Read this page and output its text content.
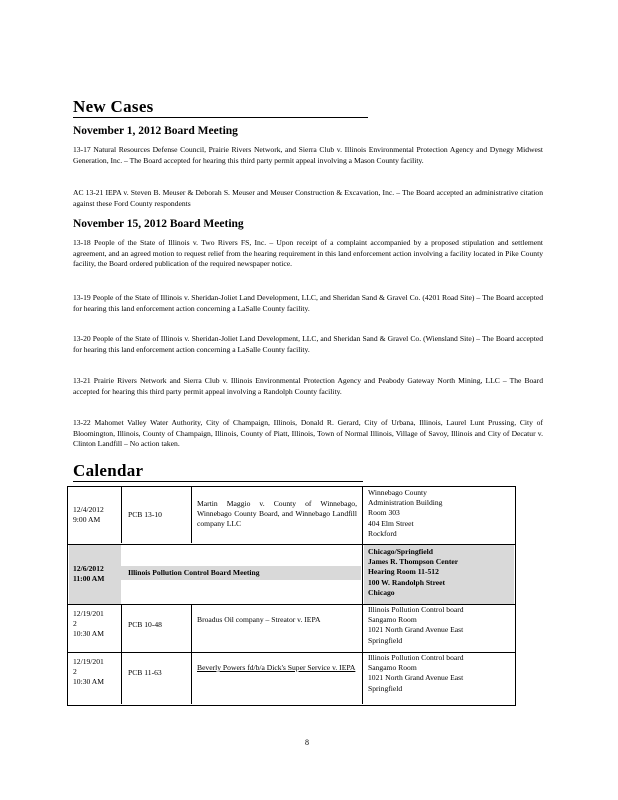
New Cases
November 1, 2012 Board Meeting
13-17 Natural Resources Defense Council, Prairie Rivers Network, and Sierra Club v. Illinois Environmental Protection Agency and Dynegy Midwest Generation, Inc. – The Board accepted for hearing this third party permit appeal involving a Mason County facility.
AC 13-21 IEPA v. Steven B. Meuser & Deborah S. Meuser and Meuser Construction & Excavation, Inc. – The Board accepted an administrative citation against these Ford County respondents
November 15, 2012 Board Meeting
13-18 People of the State of Illinois v. Two Rivers FS, Inc. – Upon receipt of a complaint accompanied by a proposed stipulation and settlement agreement, and an agreed motion to request relief from the hearing requirement in this land enforcement action involving a facility located in Pike County facility, the Board ordered publication of the required newspaper notice.
13-19 People of the State of Illinois v. Sheridan-Joliet Land Development, LLC, and Sheridan Sand & Gravel Co. (4201 Road Site) – The Board accepted for hearing this land enforcement action concerning a LaSalle County facility.
13-20 People of the State of Illinois v. Sheridan-Joliet Land Development, LLC, and Sheridan Sand & Gravel Co. (Wiensland Site) – The Board accepted for hearing this land enforcement action concerning a LaSalle County facility.
13-21 Prairie Rivers Network and Sierra Club v. Illinois Environmental Protection Agency and Peabody Gateway North Mining, LLC – The Board accepted for hearing this third party permit appeal involving a Randolph County facility.
13-22 Mahomet Valley Water Authority, City of Champaign, Illinois, Donald R. Gerard, City of Urbana, Illinois, Laurel Lunt Prussing, City of Bloomington, Illinois, County of Champaign, Illinois, County of Piatt, Illinois, Town of Normal Illinois, Village of Savoy, Illinois and City of Decatur v. Clinton Landfill – No action taken.
Calendar
12/4/2012
9:00 AM
PCB 13-10
Martin Maggio v. County of Winnebago, Winnebago County Board, and Winnebago Landfill company LLC
Winnebago County
Administration Building
Room 303
404 Elm Street
Rockford
12/6/2012
11:00 AM
Illinois Pollution Control Board Meeting
Chicago/Springfield
James R. Thompson Center
Hearing Room 11-512
100 W. Randolph Street
Chicago
12/19/201
2
10:30 AM
PCB 10-48
Broadus Oil company – Streator v. IEPA
Illinois Pollution Control board
Sangamo Room
1021 North Grand Avenue East
Springfield
12/19/201
2
10:30 AM
PCB 11-63
Beverly Powers fd/b/a Dick's Super Service v. IEPA
Illinois Pollution Control board
Sangamo Room
1021 North Grand Avenue East
Springfield
8
